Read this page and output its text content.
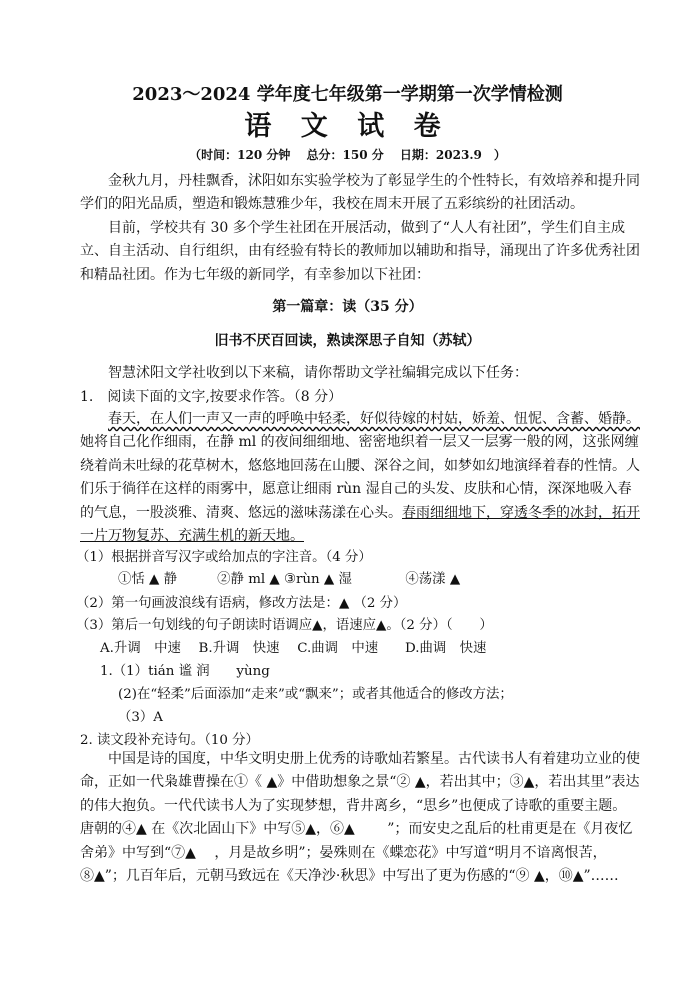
2023～2024 学年度七年级第一学期第一次学情检测
语 文 试 卷
（时间：120 分钟　 总分：150 分　 日期：2023.9　）

金秋九月，丹桂飘香，沭阳如东实验学校为了彰显学生的个性特长，有效培养和提升同学们的阳光品质，塑造和锻炼慧雅少年，我校在周末开展了五彩缤纷的社团活动。

目前，学校共有 30 多个学生社团在开展活动，做到了“人人有社团”，学生们自主成立、自主活动、自行组织，由有经验有特长的教师加以辅助和指导，涌现出了许多优秀社团和精品社团。作为七年级的新同学，有幸参加以下社团：

第一篇章：读（35 分）
旧书不厌百回读，熟读深思子自知（苏轼）
智慧沭阳文学社收到以下来稿，请你帮助文学社编辑完成以下任务：
1.　阅读下面的文字,按要求作答。（8 分）

春天，在人们一声又一声的呼唤中轻柔，好似待嫁的村姑，娇羞、忸怩、含蓄、婚静。她将自己化作细雨，在静 ml 的夜间细细地、密密地织着一层又一层雾一般的网，这张网缠绕着尚未吐绿的花草树木，悠悠地回荡在山腰、深谷之间，如梦如幻地演绎着春的性情。人们乐于徜徉在这样的雨雾中，愿意让细雨 rùn 湿自己的头发、皮肤和心情，深深地吸入春的气息，一股淡雅、清爽、悠远的滋味荡漾在心头。春雨细细地下，穿透冬季的冰封，拓开一片万物复苏、充满生机的新天地。

（1）根据拼音写汉字或给加点的字注音。（4 分）
①恬 ▲ 静　　　②静 ml ▲ ③rùn ▲ 湿　　　　④荡漾 ▲
（2）第一句画波浪线有语病，修改方法是：▲ （2 分）
（3）第后一句划线的句子朗读时语调应▲，语速应▲。（2 分）（　　）
A.升调　中速　 B.升调　快速　 C.曲调　中速　　D.曲调　快速
1.（1）tián 谧 润　　yùng
(2)在“轻柔”后面添加“走来”或“飘来”；或者其他适合的修改方法；
（3）A
2. 读文段补充诗句。（10 分）

中国是诗的国度，中华文明史册上优秀的诗歌灿若繁星。古代读书人有着建功立业的使命，正如一代枭雄曹操在①《 ▲》中借助想象之景“② ▲，若出其中；③▲，若出其里”表达的伟大抱负。一代代读书人为了实现梦想，背井离乡，“思乡”也便成了诗歌的重要主题。唐朝的④▲ 在《次北固山下》中写⑤▲，⑥▲　　 ”；而安史之乱后的杜甫更是在《月夜忆舍弟》中写到“⑦▲　 ，月是故乡明”；晏殊则在《蝶恋花》中写道“明月不谙离恨苦，⑧▲”；几百年后，元朝马致远在《天净沙·秋思》中写出了更为伤感的“⑨ ▲，⑩▲”……
